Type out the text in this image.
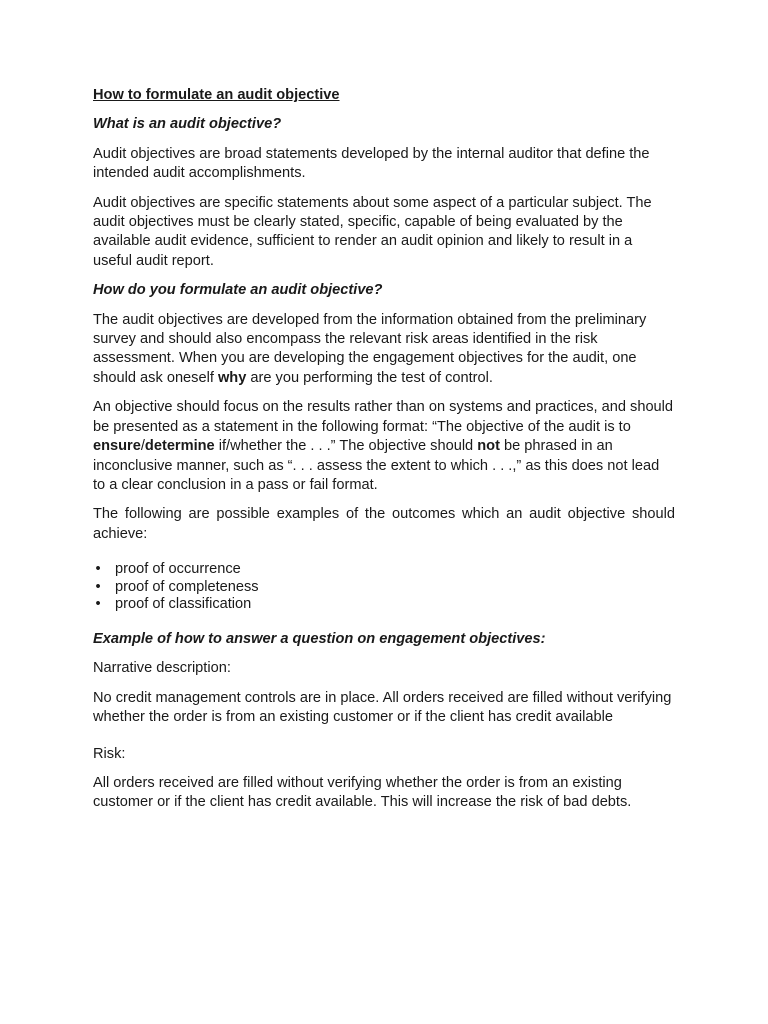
How to formulate an audit objective
What is an audit objective?

Audit objectives are broad statements developed by the internal auditor that define the intended audit accomplishments.

Audit objectives are specific statements about some aspect of a particular subject. The audit objectives must be clearly stated, specific, capable of being evaluated by the available audit evidence, sufficient to render an audit opinion and likely to result in a useful audit report.

How do you formulate an audit objective?

The audit objectives are developed from the information obtained from the preliminary survey and should also encompass the relevant risk areas identified in the risk assessment. When you are developing the engagement objectives for the audit, one should ask oneself why are you performing the test of control.

An objective should focus on the results rather than on systems and practices, and should be presented as a statement in the following format: “The objective of the audit is to ensure/determine if/whether the . . .” The objective should not be phrased in an inconclusive manner, such as “. . . assess the extent to which . . .,” as this does not lead to a clear conclusion in a pass or fail format.

The following are possible examples of the outcomes which an audit objective should achieve:

• proof of occurrence
• proof of completeness
• proof of classification
Example of how to answer a question on engagement objectives:

Narrative description:

No credit management controls are in place. All orders received are filled without verifying whether the order is from an existing customer or if the client has credit available

Risk:

All orders received are filled without verifying whether the order is from an existing customer or if the client has credit available. This will increase the risk of bad debts.
